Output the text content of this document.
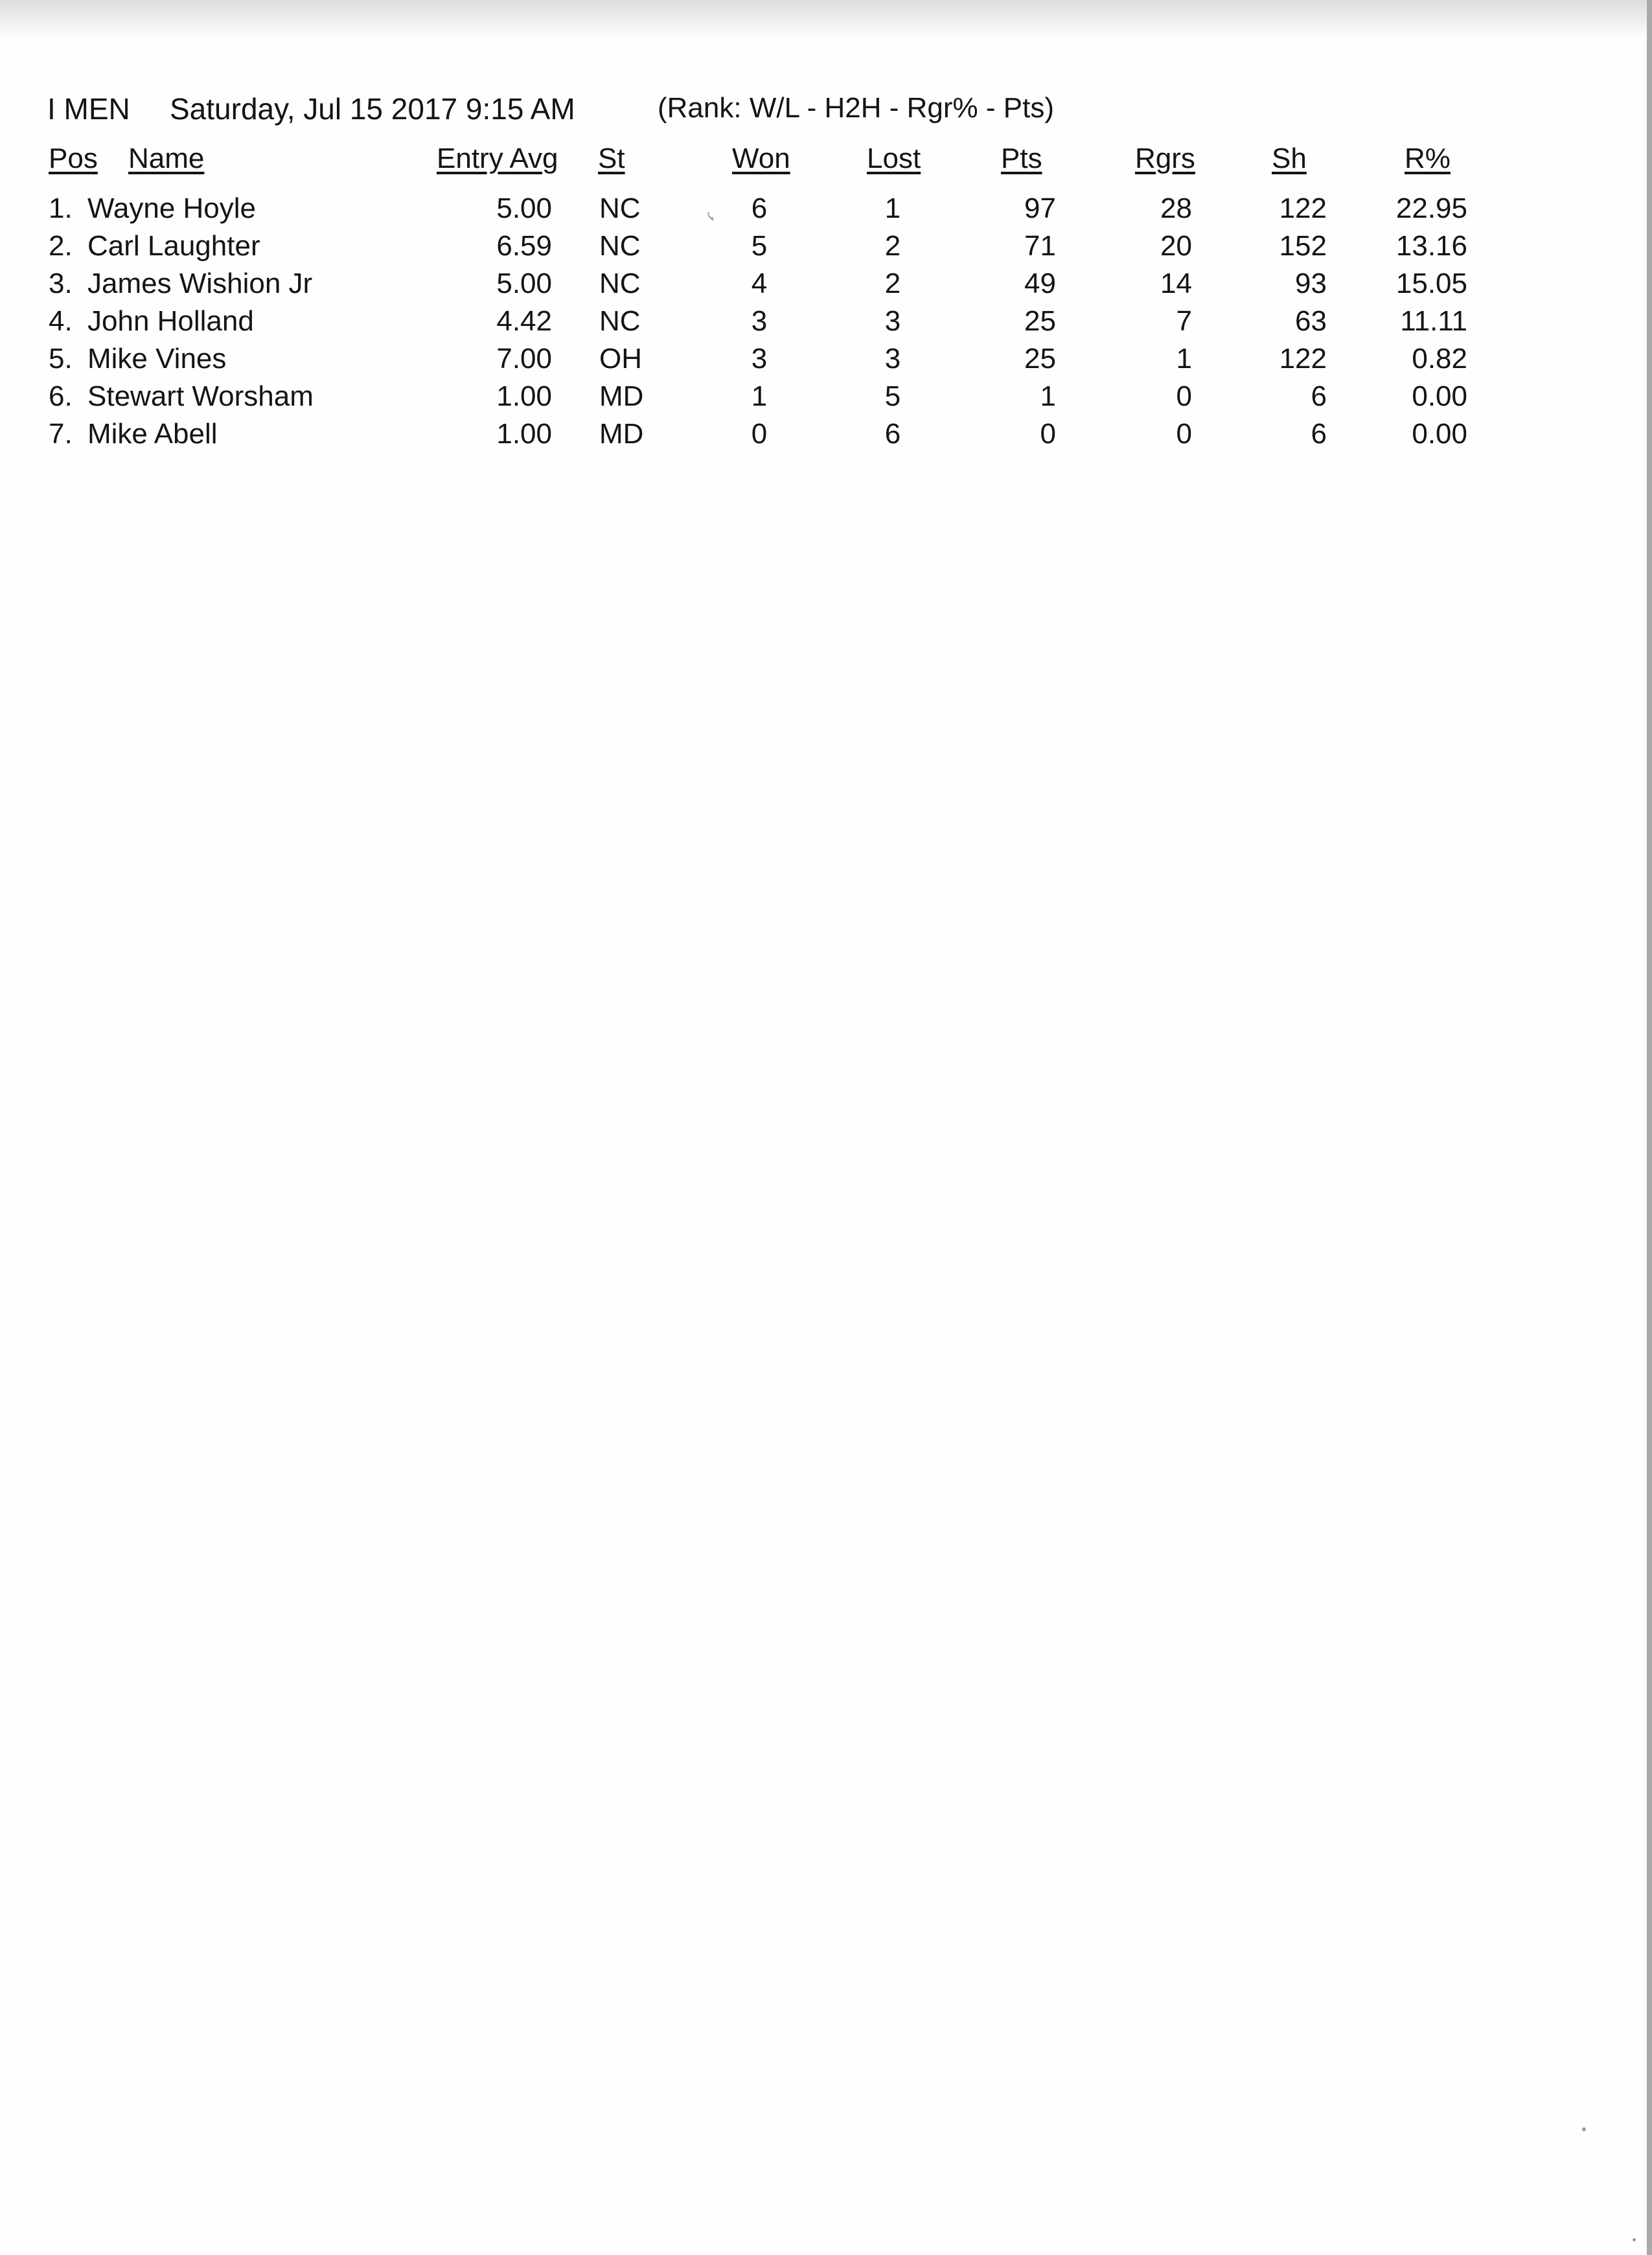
I MEN Saturday, Jul 15 2017 9:15 AM	(Rank: W/L - H2H - Rgr% - Pts)
Pos Name	Entry Avg St	Won	Lost	Pts	Rgrs	Sh	R%
1. Wayne Hoyle	5.00 NC	6	1	97	28	122	22.95
2. Carl Laughter	6.59 NC	5	2	71	20	152	13.16
3. James Wishion Jr	5.00 NC	4	2	49	14	93	15.05
4. John Holland	4.42 NC	3	3	25	7	63	11.11
5. Mike Vines	7.00 OH	3	3	25	1	122	0.82
6. Stewart Worsham	1.00 MD	1	5	1	0	6	0.00
7. Mike Abell	1.00 MD	0	6	0	0	6	0.00
